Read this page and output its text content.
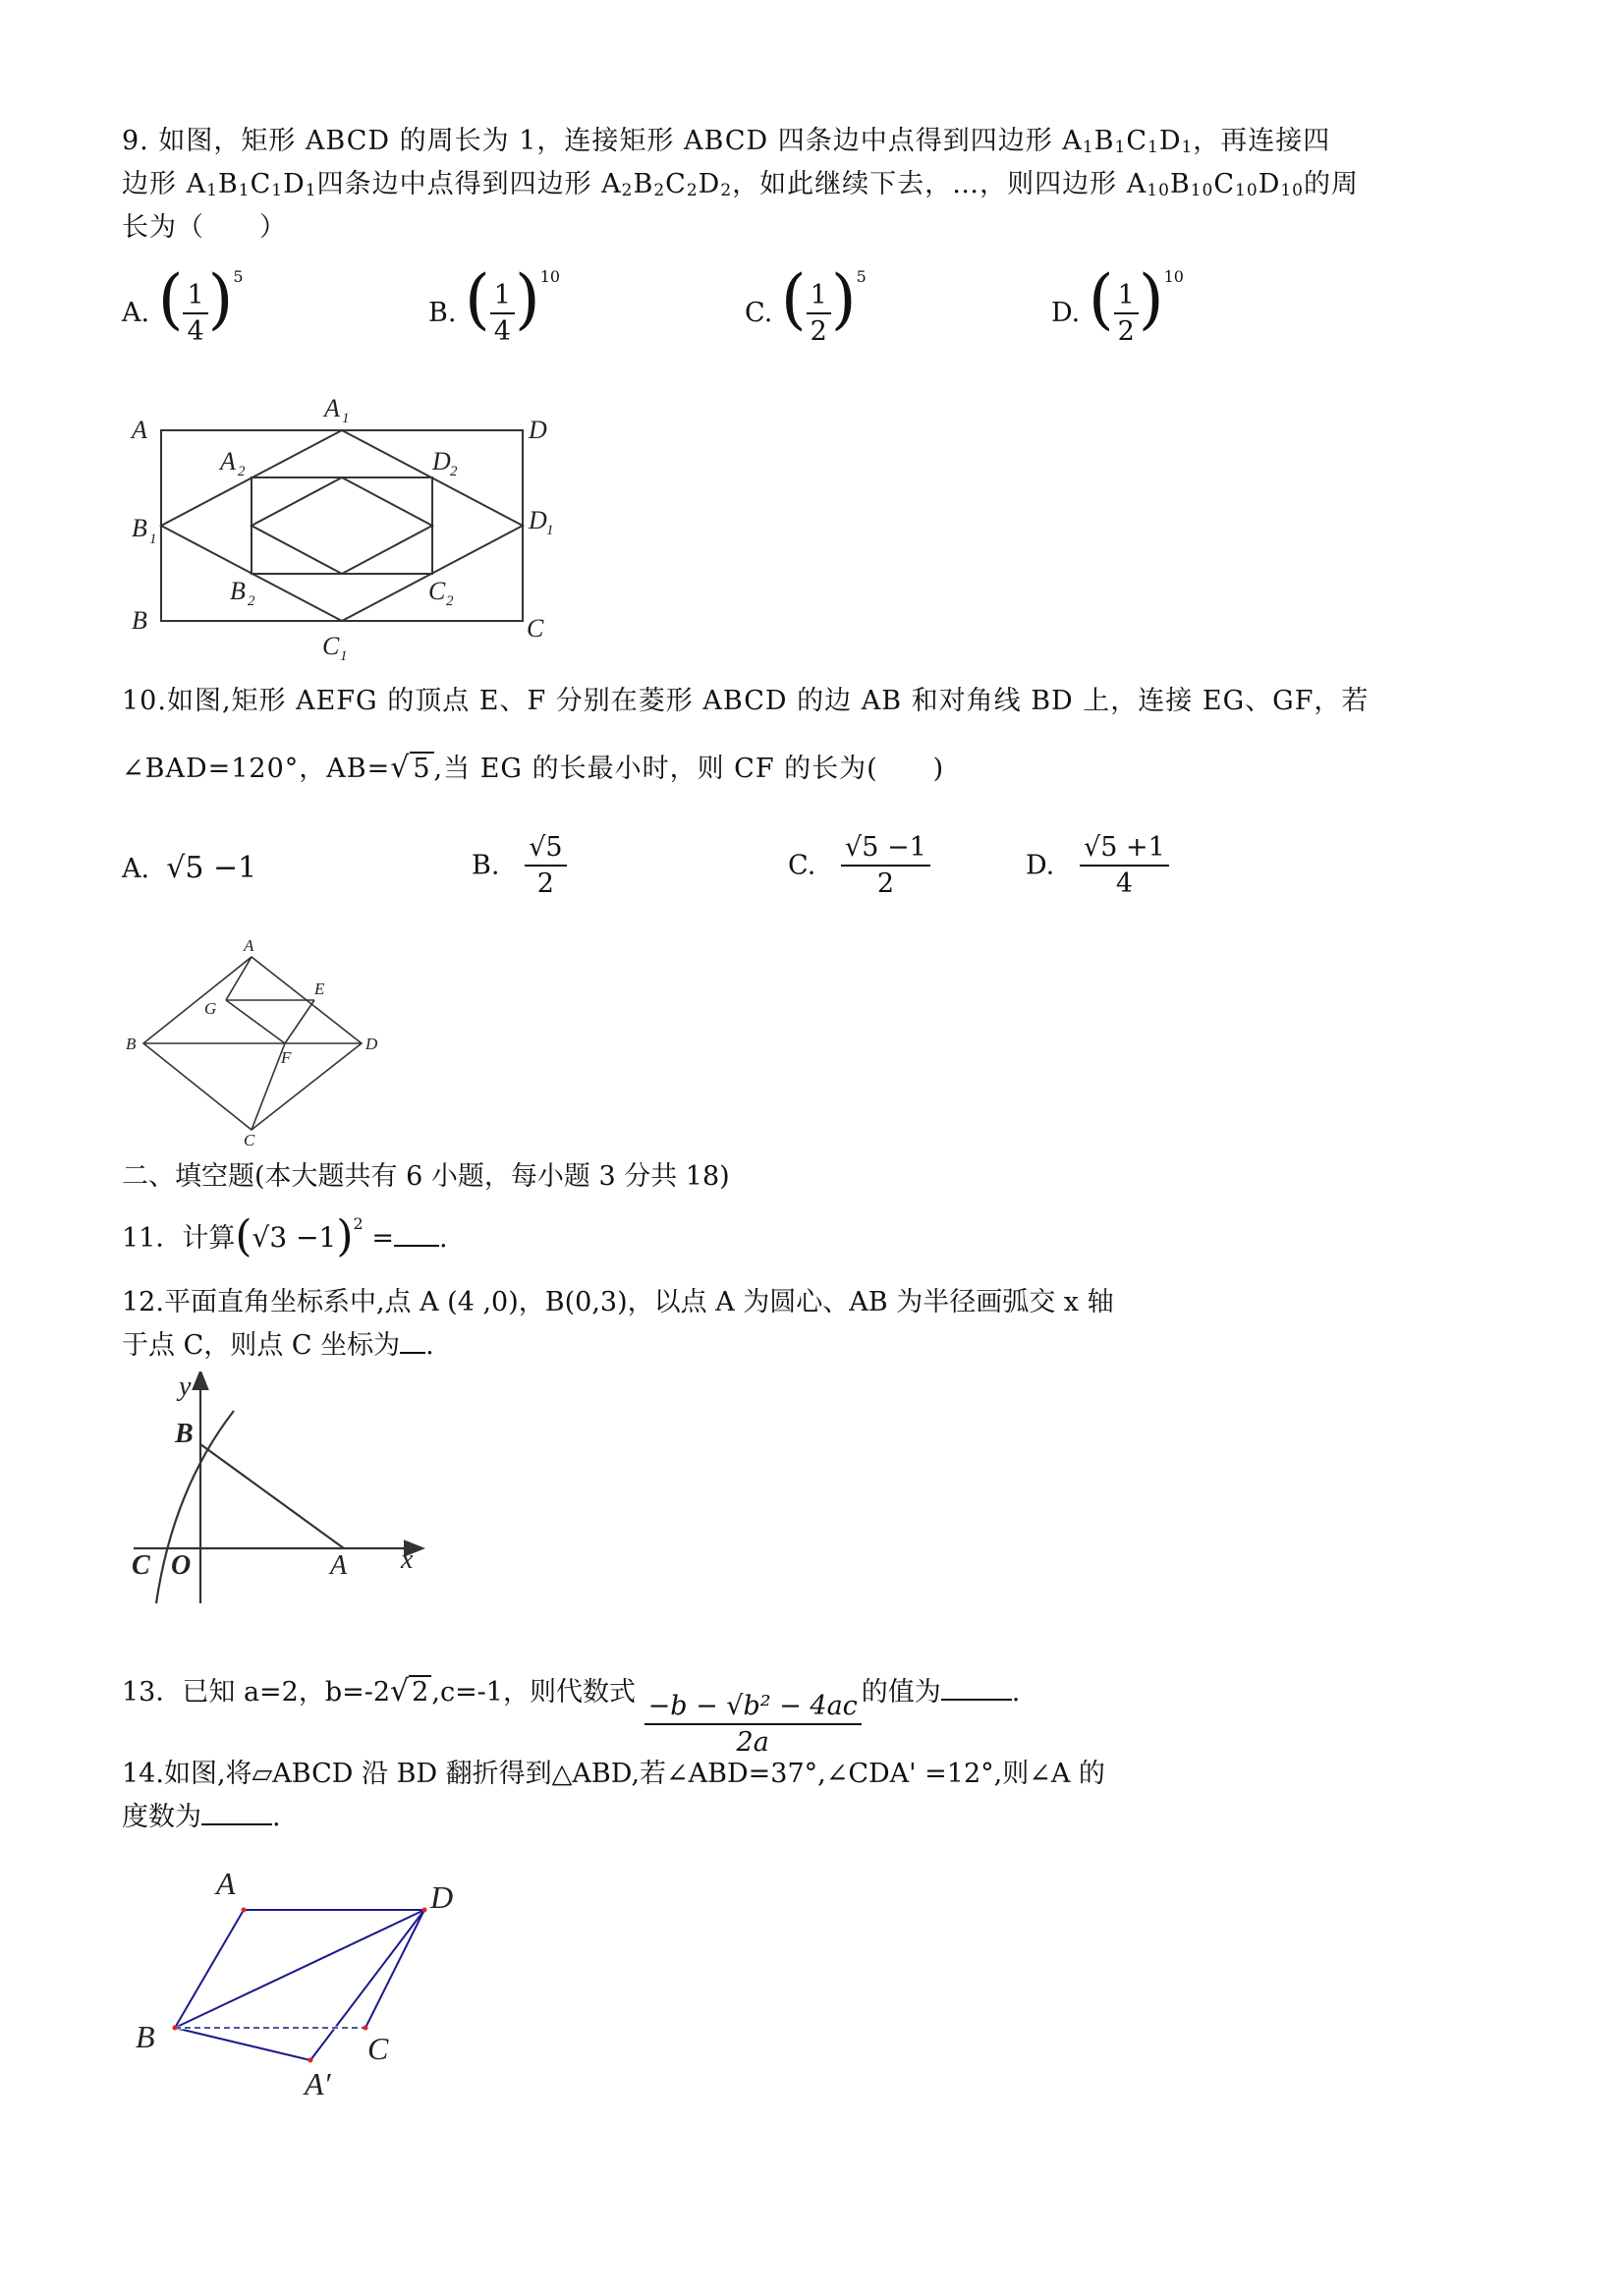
9. 如图，矩形 ABCD 的周长为 1，连接矩形 ABCD 四条边中点得到四边形 A1B1C1D1，再连接四
边形 A1B1C1D1四条边中点得到四边形 A2B2C2D2，如此继续下去，…，则四边形 A10B10C10D10的周
长为（　　）
A. ( $\frac{1}{4} )^5$
B. ( $\frac{1}{4} )^{10}$
C. ( $\frac{1}{2} )^5$
D. ( $\frac{1}{2} )^{10}$
A	D
B	C
A 1
B 1
C 1
D 1
A 2	D 2
B 2	C 2
10.如图,矩形 AEFG 的顶点 E、F 分别在菱形 ABCD 的边 AB 和对角线 BD 上，连接 EG、GF，若
∠BAD=120°，AB=√ 5 ,当 EG 的长最小时，则 CF 的长为(　　)
A. √5 −1	B. $\frac{√5}{2}$	C. $\frac{√5 -1}{2}$	D. $\frac{√5 +1}{4}$
A
B
C
D
E
F
G
二、填空题(本大题共有 6 小题，每小题 3 分共 18)
11．计算$(√3 -1)^2$ = .
12.平面直角坐标系中,点 A (4 ,0)，B(0,3)，以点 A 为圆心、AB 为半径画弧交 x 轴
于点 C，则点 C 坐标为 .
y
x
B
C O	A
13．已知 a=2，b=-2√ 2 ,c=-1，则代数式 $\frac{\text{−b − √b² − 4ac}}{2a}$ 的值为	.
14.如图,将▱ABCD 沿 BD 翻折得到△ABD,若∠ABD=37°,∠CDA' =12°,则∠A 的
度数为	.
A	D
B	C
A′
